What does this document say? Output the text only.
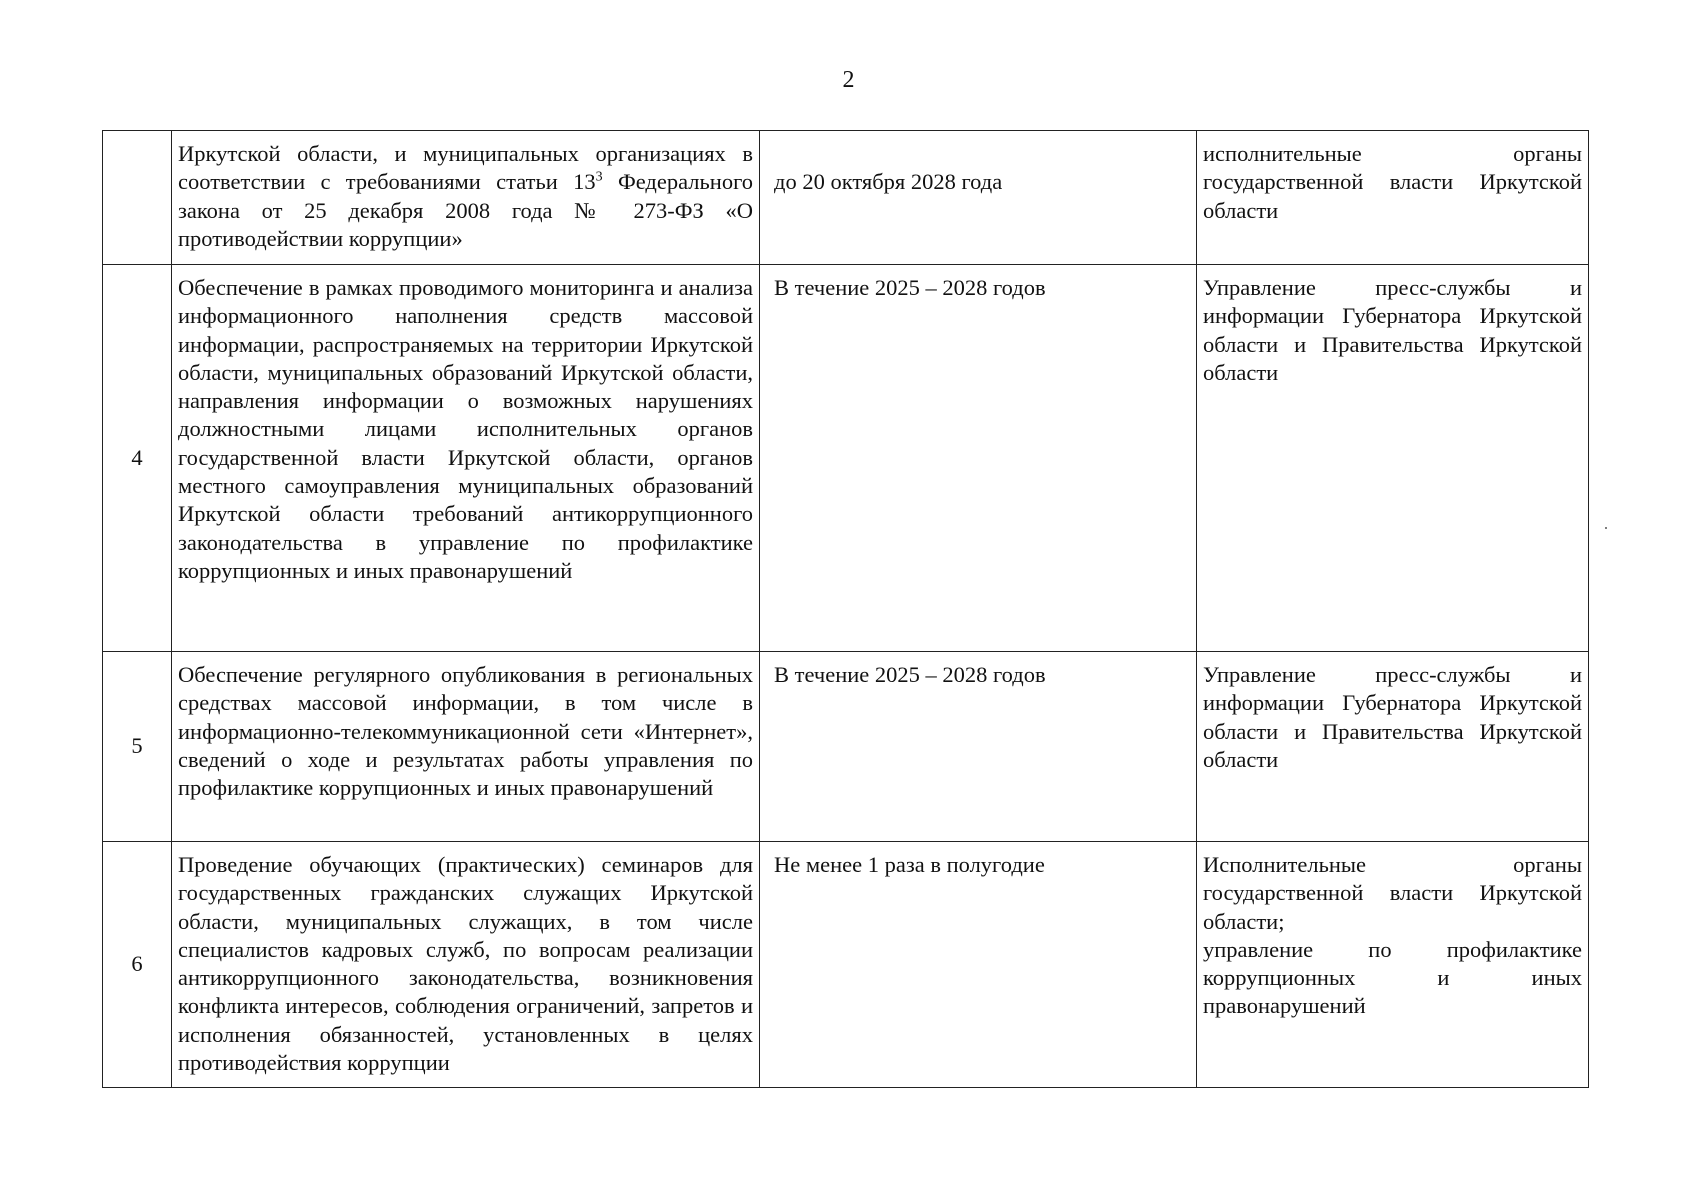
2
	Иркутской области, и муниципальных организациях в соответствии с требованиями статьи $13^3$ Федерального закона от 25 декабря 2008 года № 273-ФЗ «О противодействии коррупции»	до 20 октября 2028 года	исполнительные органы государственной власти Иркутской области
4	Обеспечение в рамках проводимого мониторинга и анализа информационного наполнения средств массовой информации, распространяемых на территории Иркутской области, муниципальных образований Иркутской области, направления информации о возможных нарушениях должностными лицами исполнительных органов государственной власти Иркутской области, органов местного самоуправления муниципальных образований Иркутской области требований антикоррупционного законодательства в управление по профилактике коррупционных и иных правонарушений	В течение 2025 – 2028 годов	Управление пресс-службы и информации Губернатора Иркутской области и Правительства Иркутской области
5	Обеспечение регулярного опубликования в региональных средствах массовой информации, в том числе в информационно-телекоммуникационной сети «Интернет», сведений о ходе и результатах работы управления по профилактике коррупционных и иных правонарушений	В течение 2025 – 2028 годов	Управление пресс-службы и информации Губернатора Иркутской области и Правительства Иркутской области
6	Проведение обучающих (практических) семинаров для государственных гражданских служащих Иркутской области, муниципальных служащих, в том числе специалистов кадровых служб, по вопросам реализации антикоррупционного законодательства, возникновения конфликта интересов, соблюдения ограничений, запретов и исполнения обязанностей, установленных в целях противодействия коррупции	Не менее 1 раза в полугодие	Исполнительные органы государственной власти Иркутской области;
управление по профилактике коррупционных и иных правонарушений
